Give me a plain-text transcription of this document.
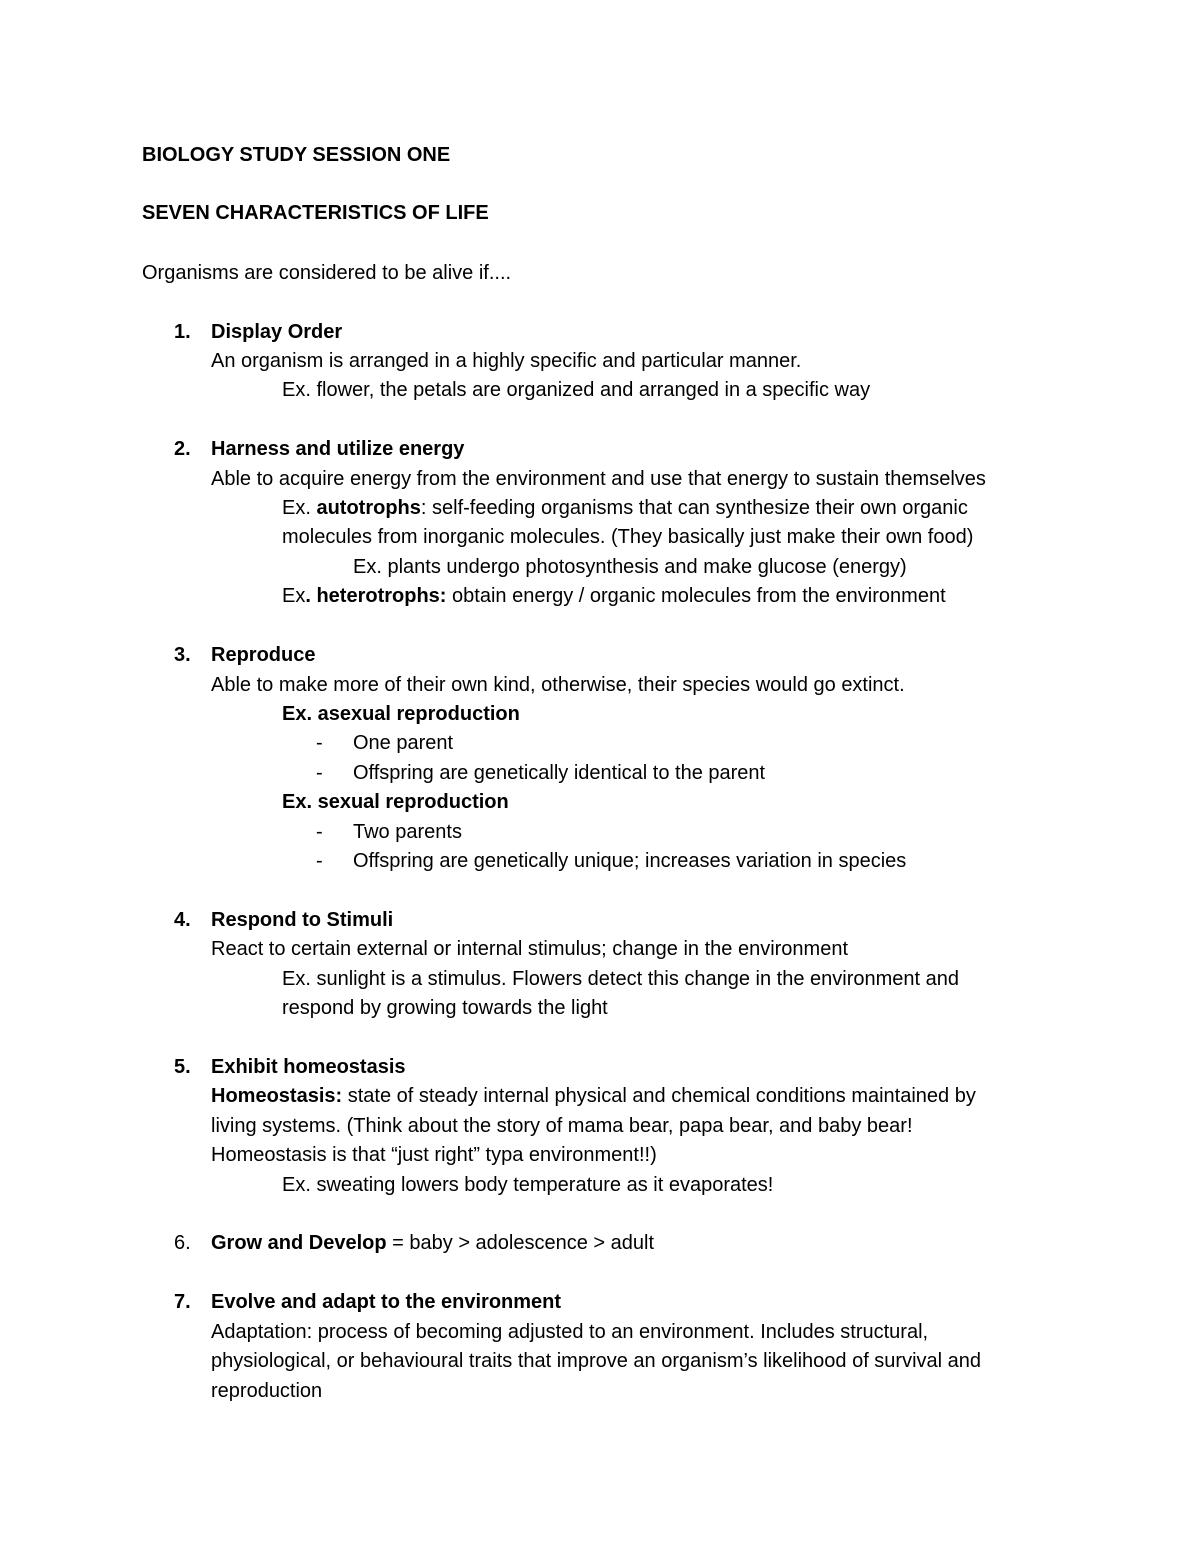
BIOLOGY STUDY SESSION ONE
SEVEN CHARACTERISTICS OF LIFE
Organisms are considered to be alive if....
1. Display Order
An organism is arranged in a highly specific and particular manner.
Ex. flower, the petals are organized and arranged in a specific way
2. Harness and utilize energy
Able to acquire energy from the environment and use that energy to sustain themselves
Ex. autotrophs: self-feeding organisms that can synthesize their own organic
molecules from inorganic molecules. (They basically just make their own food)
Ex. plants undergo photosynthesis and make glucose (energy)
Ex. heterotrophs: obtain energy / organic molecules from the environment
3. Reproduce
Able to make more of their own kind, otherwise, their species would go extinct.
Ex. asexual reproduction
- One parent
- Offspring are genetically identical to the parent
Ex. sexual reproduction
- Two parents
- Offspring are genetically unique; increases variation in species
4. Respond to Stimuli
React to certain external or internal stimulus; change in the environment
Ex. sunlight is a stimulus. Flowers detect this change in the environment and
respond by growing towards the light
5. Exhibit homeostasis
Homeostasis: state of steady internal physical and chemical conditions maintained by
living systems. (Think about the story of mama bear, papa bear, and baby bear!
Homeostasis is that “just right” typa environment!!)
Ex. sweating lowers body temperature as it evaporates!
6. Grow and Develop = baby > adolescence > adult
7. Evolve and adapt to the environment
Adaptation: process of becoming adjusted to an environment. Includes structural,
physiological, or behavioural traits that improve an organism’s likelihood of survival and
reproduction
